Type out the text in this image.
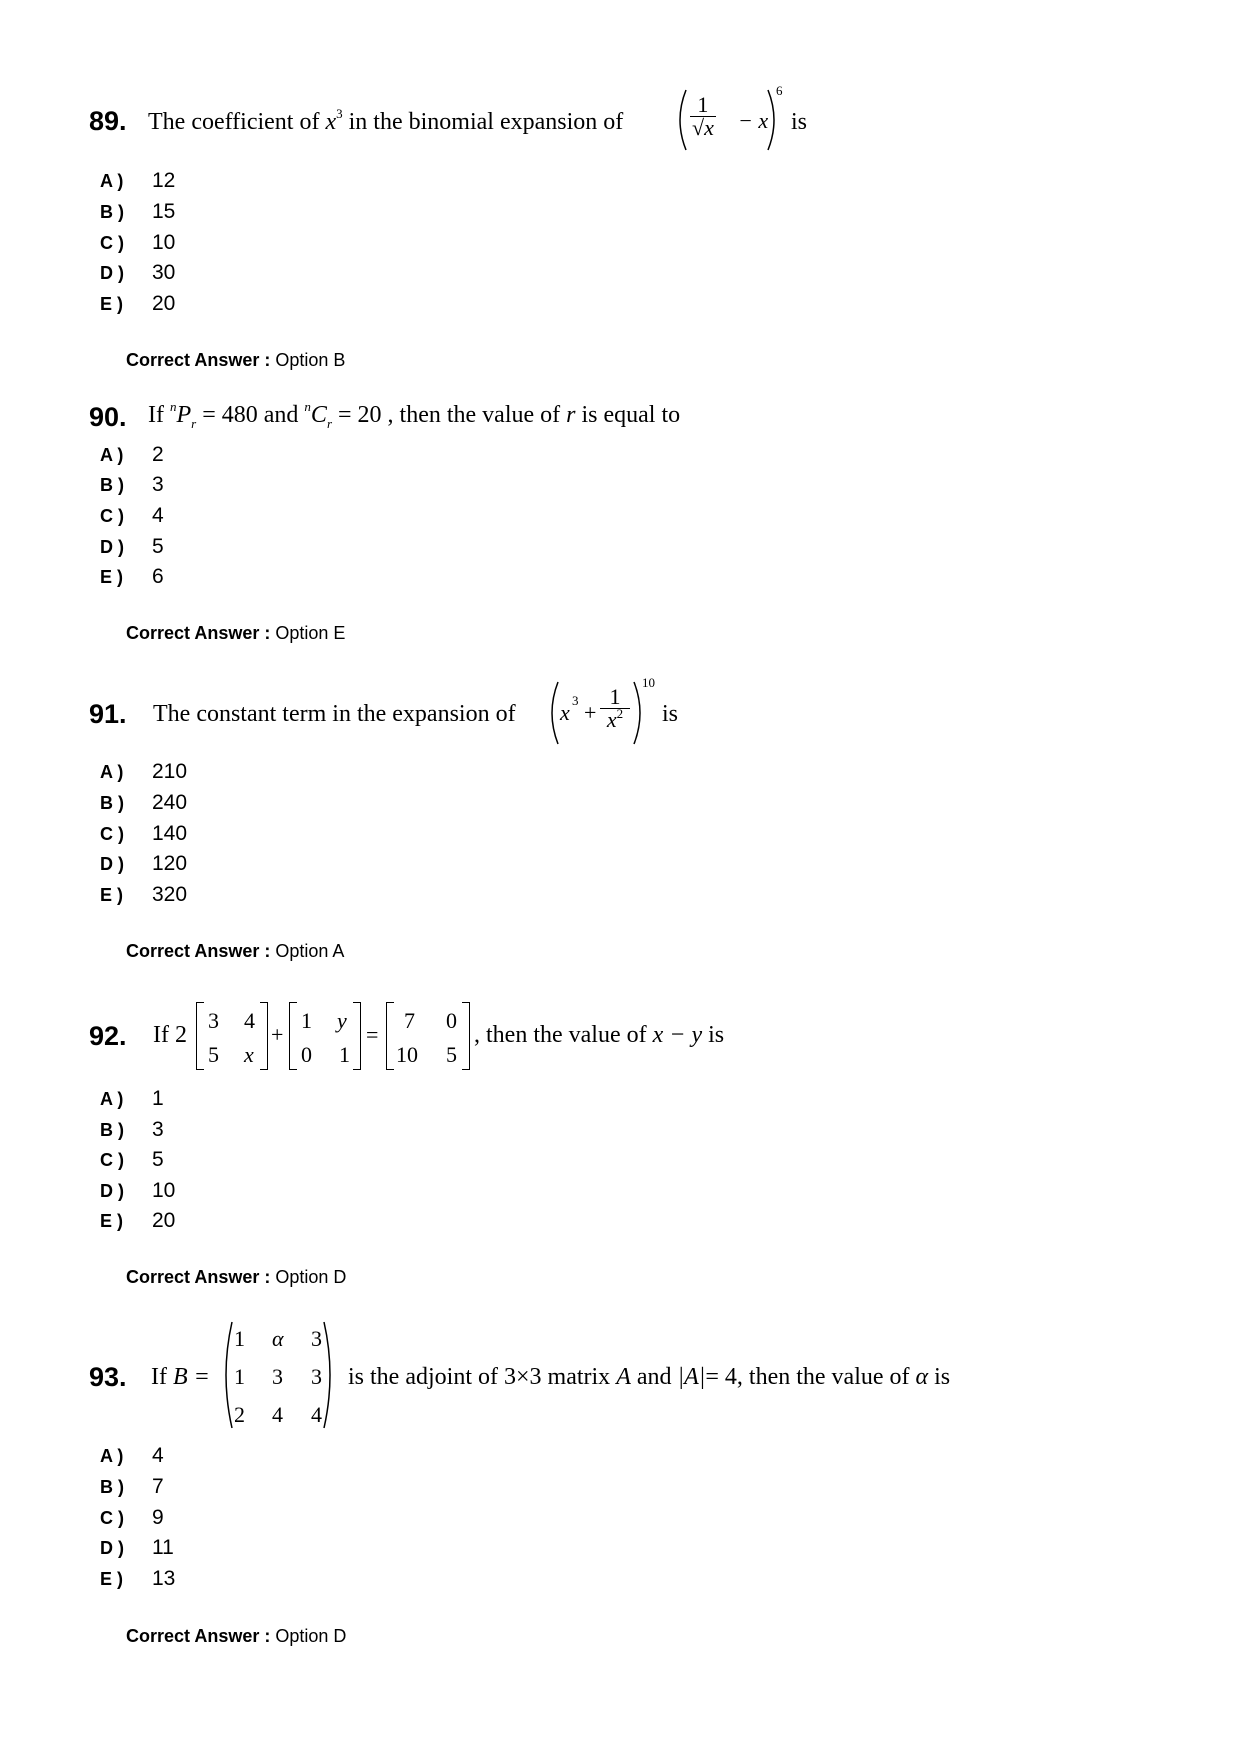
89. The coefficient of $x^3$ in the binomial expansion of	$\frac{1}{√x} - x$
6
is
A ) 12
B ) 15
C ) 10
D ) 30
E ) 20
Correct Answer : Option B
90. If $^nP_r = 480$ and $^nC_r = 20$ , then the value of r is equal to
A ) 2
B ) 3
C ) 4
D ) 5
E ) 6
Correct Answer : Option E
91. The constant term in the expansion of x 3 +
1
$x^2$
10
is
A ) 210
B ) 240
C ) 140
D ) 120
E ) 320
Correct Answer : Option A
92. If 2
3 4
5 x
+
1 y
0 1
=
7 0
10 5
, then the value of x − y is
A ) 1
B ) 3
C ) 5
D ) 10
E ) 20
Correct Answer : Option D
93. If B =
1 α 3
1 3 3
2 4 4
is the adjoint of 3×3 matrix A and |A|= 4, then the value of α is
A ) 4
B ) 7
C ) 9
D ) 11
E ) 13
Correct Answer : Option D
